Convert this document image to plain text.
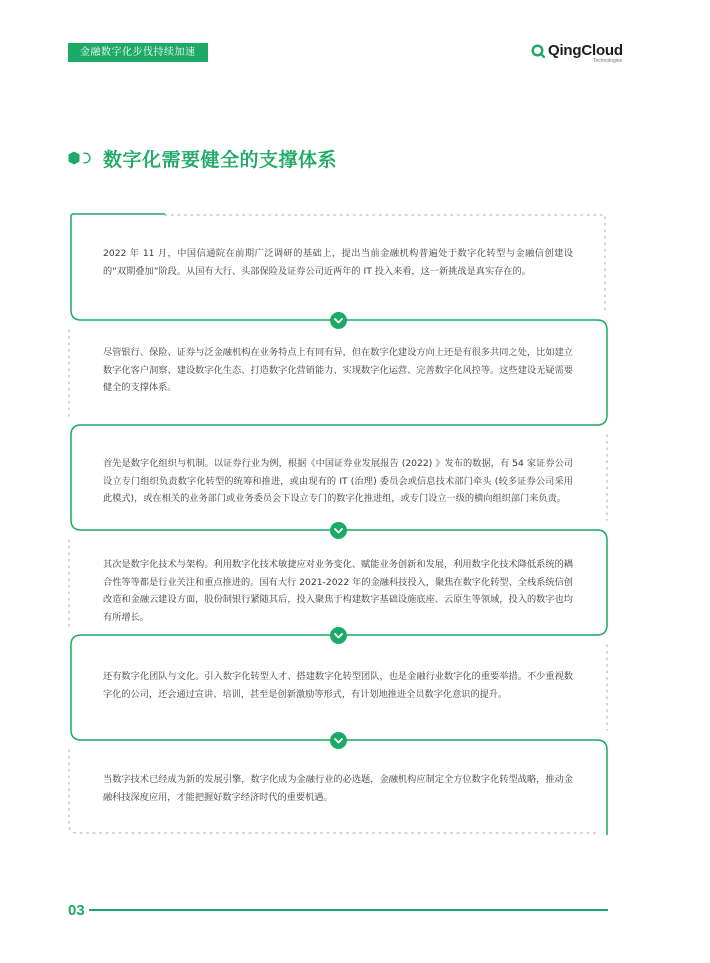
金融数字化步伐持续加速	QingCloud
Technologies
数字化需要健全的支撑体系

2022 年 11 月，中国信通院在前期广泛调研的基础上，提出当前金融机构普遍处于数字化转型与金融信创建设的“双期叠加”阶段。从国有大行、头部保险及证券公司近两年的 IT 投入来看，这一新挑战是真实存在的。

尽管银行、保险、证券与泛金融机构在业务特点上有同有异，但在数字化建设方向上还是有很多共同之处，比如建立数字化客户洞察、建设数字化生态、打造数字化营销能力、实现数字化运营、完善数字化风控等。这些建设无疑需要健全的支撑体系。

首先是数字化组织与机制。以证券行业为例，根据《中国证券业发展报告 (2022) 》发布的数据，有 54 家证券公司设立专门组织负责数字化转型的统筹和推进，或由现有的 IT (治理) 委员会或信息技术部门牵头 (较多证券公司采用此模式)，或在相关的业务部门或业务委员会下设立专门的数字化推进组，或专门设立一级的横向组织部门来负责。

其次是数字化技术与架构。利用数字化技术敏捷应对业务变化、赋能业务创新和发展，利用数字化技术降低系统的耦合性等等都是行业关注和重点推进的。国有大行 2021-2022 年的金融科技投入，聚焦在数字化转型、全栈系统信创改造和金融云建设方面，股份制银行紧随其后，投入聚焦于构建数字基础设施底座、云原生等领域，投入的数字也均有所增长。

还有数字化团队与文化。引入数字化转型人才、搭建数字化转型团队，也是金融行业数字化的重要举措。不少重视数字化的公司，还会通过宣讲、培训，甚至是创新激励等形式，有计划地推进全员数字化意识的提升。

当数字技术已经成为新的发展引擎，数字化成为金融行业的必选题，金融机构应制定全方位数字化转型战略，推动金融科技深度应用，才能把握好数字经济时代的重要机遇。

03
